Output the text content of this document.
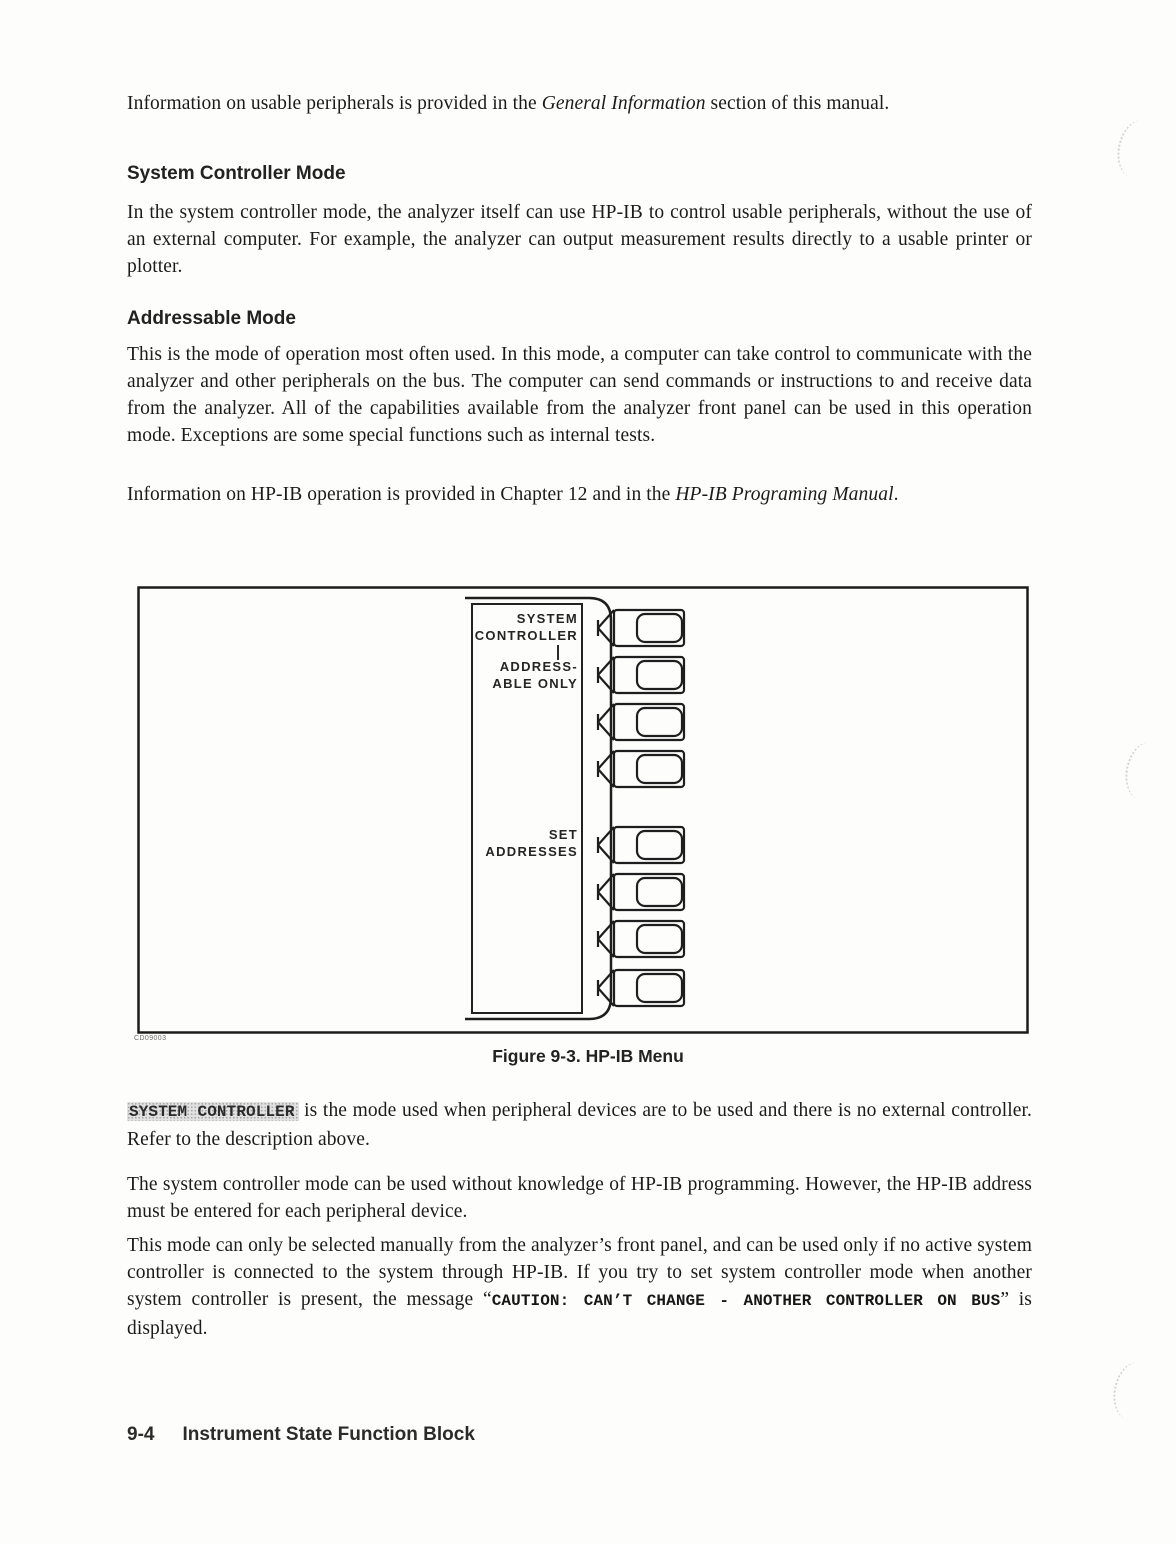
Information on usable peripherals is provided in the General Information section of this manual.

System Controller Mode

In the system controller mode, the analyzer itself can use HP-IB to control usable peripherals, without the use of an external computer. For example, the analyzer can output measurement results directly to a usable printer or plotter.

Addressable Mode

This is the mode of operation most often used. In this mode, a computer can take control to communicate with the analyzer and other peripherals on the bus. The computer can send commands or instructions to and receive data from the analyzer. All of the capabilities available from the analyzer front panel can be used in this operation mode. Exceptions are some special functions such as internal tests.

Information on HP-IB operation is provided in Chapter 12 and in the HP-IB Programing Manual.

SYSTEM
CONTROLLER
ADDRESS-
ABLE ONLY
SET
ADDRESSES
CD09003

Figure 9-3. HP-IB Menu

SYSTEM CONTROLLER is the mode used when peripheral devices are to be used and there is no external controller. Refer to the description above.

The system controller mode can be used without knowledge of HP-IB programming. However, the HP-IB address must be entered for each peripheral device.

This mode can only be selected manually from the analyzer’s front panel, and can be used only if no active system controller is connected to the system through HP-IB. If you try to set system controller mode when another system controller is present, the message “CAUTION: CAN’T CHANGE - ANOTHER CONTROLLER ON BUS” is displayed.

9-4 Instrument State Function Block
